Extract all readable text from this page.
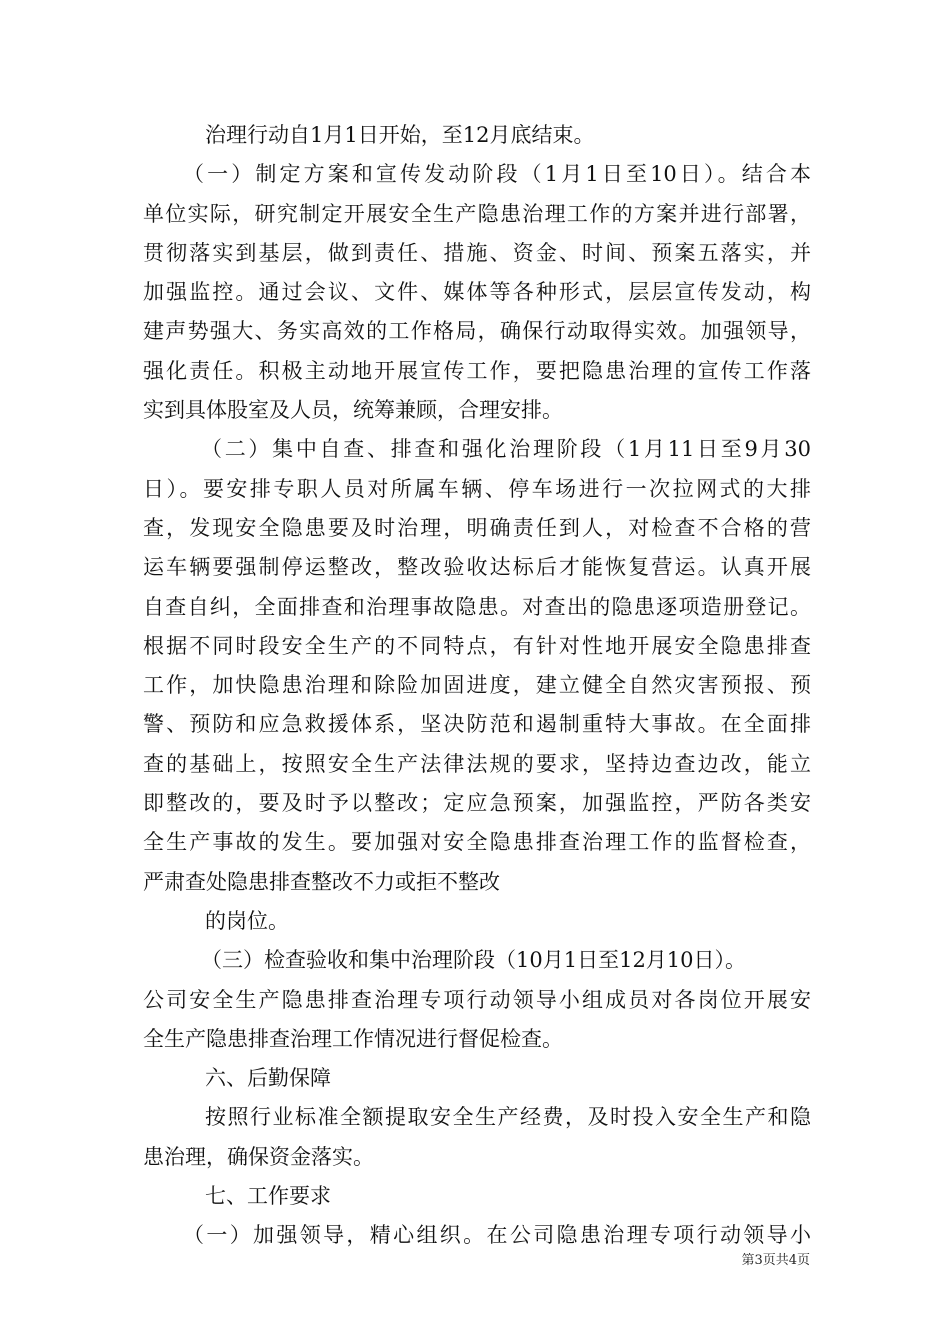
治理行动自1月1日开始，至12月底结束。
（一）制定方案和宣传发动阶段（1月1日至10日）。结合本
单位实际，研究制定开展安全生产隐患治理工作的方案并进行部署，
贯彻落实到基层，做到责任、措施、资金、时间、预案五落实，并
加强监控。通过会议、文件、媒体等各种形式，层层宣传发动，构
建声势强大、务实高效的工作格局，确保行动取得实效。加强领导，
强化责任。积极主动地开展宣传工作，要把隐患治理的宣传工作落
实到具体股室及人员，统筹兼顾，合理安排。
（二）集中自查、排查和强化治理阶段（1月11日至9月30
日）。要安排专职人员对所属车辆、停车场进行一次拉网式的大排
查，发现安全隐患要及时治理，明确责任到人，对检查不合格的营
运车辆要强制停运整改，整改验收达标后才能恢复营运。认真开展
自查自纠，全面排查和治理事故隐患。对查出的隐患逐项造册登记。
根据不同时段安全生产的不同特点，有针对性地开展安全隐患排查
工作，加快隐患治理和除险加固进度，建立健全自然灾害预报、预
警、预防和应急救援体系，坚决防范和遏制重特大事故。在全面排
查的基础上，按照安全生产法律法规的要求，坚持边查边改，能立
即整改的，要及时予以整改；定应急预案，加强监控，严防各类安
全生产事故的发生。要加强对安全隐患排查治理工作的监督检查，
严肃查处隐患排查整改不力或拒不整改
的岗位。
（三）检查验收和集中治理阶段（10月1日至12月10日）。
公司安全生产隐患排查治理专项行动领导小组成员对各岗位开展安
全生产隐患排查治理工作情况进行督促检查。
六、后勤保障
按照行业标准全额提取安全生产经费，及时投入安全生产和隐
患治理，确保资金落实。
七、工作要求
（一）加强领导，精心组织。在公司隐患治理专项行动领导小
第3页共4页
